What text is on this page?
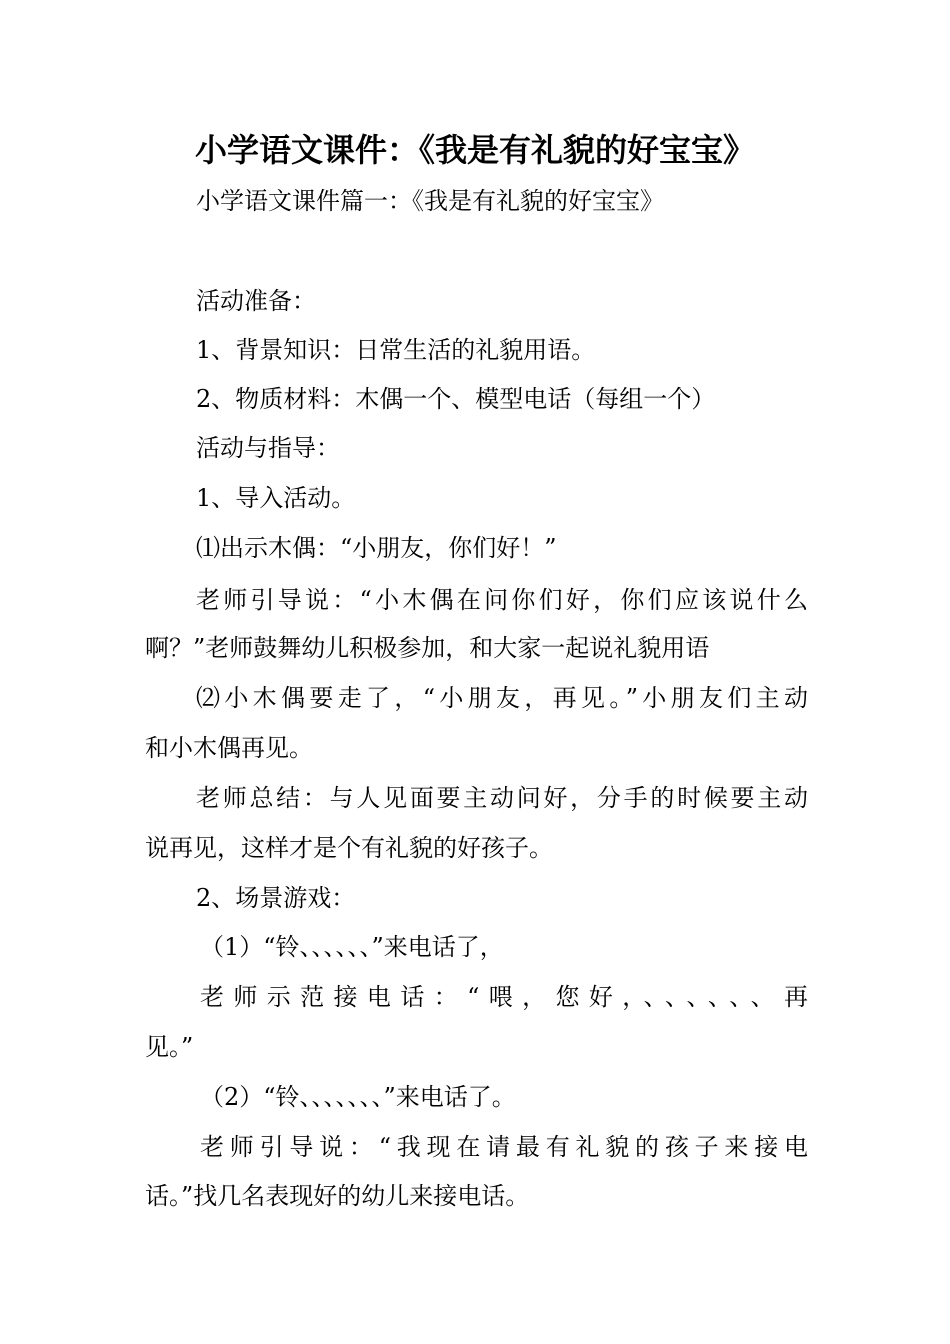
小学语文课件：《我是有礼貌的好宝宝》
小学语文课件篇一：《我是有礼貌的好宝宝》
活动准备：
1、背景知识：日常生活的礼貌用语。
2、物质材料：木偶一个、模型电话（每组一个）
活动与指导：
1、导入活动。
⑴出示木偶：“小朋友，你们好！”
老师引导说：“小木偶在问你们好，你们应该说什么
啊？”老师鼓舞幼儿积极参加，和大家一起说礼貌用语
⑵小木偶要走了，“小朋友，再见。”小朋友们主动
和小木偶再见。
老师总结：与人见面要主动问好，分手的时候要主动
说再见，这样才是个有礼貌的好孩子。
2、场景游戏：
（1）“铃、、、、、、”来电话了，
老师示范接电话：“喂，您好，、、、、、、再
见。”
（2）“铃、、、、、、、”来电话了。
老师引导说：“我现在请最有礼貌的孩子来接电
话。”找几名表现好的幼儿来接电话。
